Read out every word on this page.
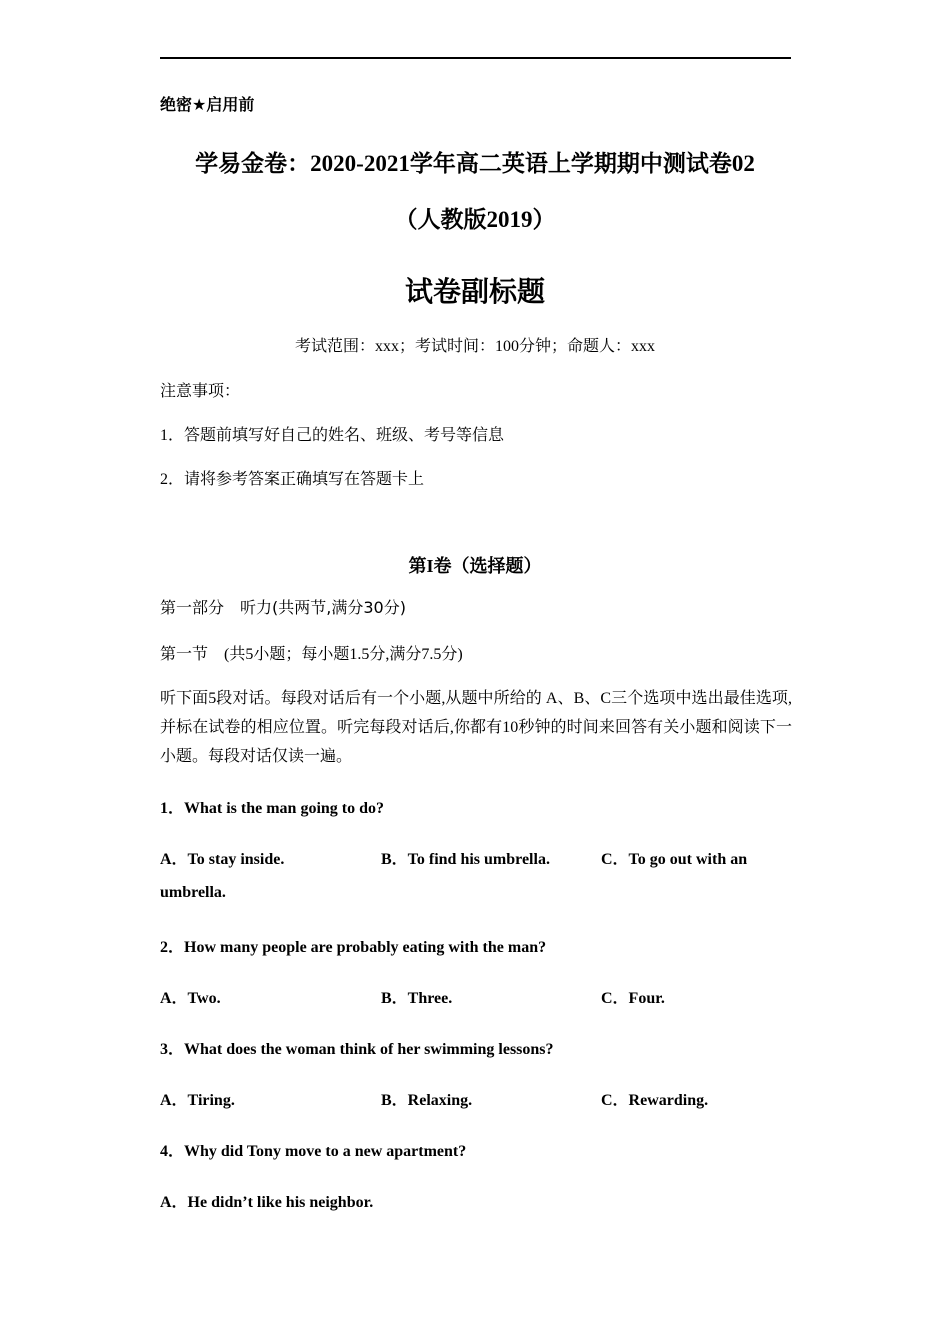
绝密★启用前
学易金卷：2020-2021学年高二英语上学期期中测试卷02
（人教版2019）
试卷副标题
考试范围：xxx；考试时间：100分钟；命题人：xxx
注意事项：
1．答题前填写好自己的姓名、班级、考号等信息
2．请将参考答案正确填写在答题卡上
第I卷（选择题）
第一部分　听力(共两节,满分30分)
第一节　(共5小题；每小题1.5分,满分7.5分)
听下面5段对话。每段对话后有一个小题,从题中所给的 A、B、C三个选项中选出最佳选项,并标在试卷的相应位置。听完每段对话后,你都有10秒钟的时间来回答有关小题和阅读下一小题。每段对话仅读一遍。
1．What is the man going to do?
A．To stay inside.	B．To find his umbrella.	C．To go out with an
umbrella.
2．How many people are probably eating with the man?
A．Two.	B．Three.	C．Four.
3．What does the woman think of her swimming lessons?
A．Tiring.	B．Relaxing.	C．Rewarding.
4．Why did Tony move to a new apartment?
A．He didn’t like his neighbor.
